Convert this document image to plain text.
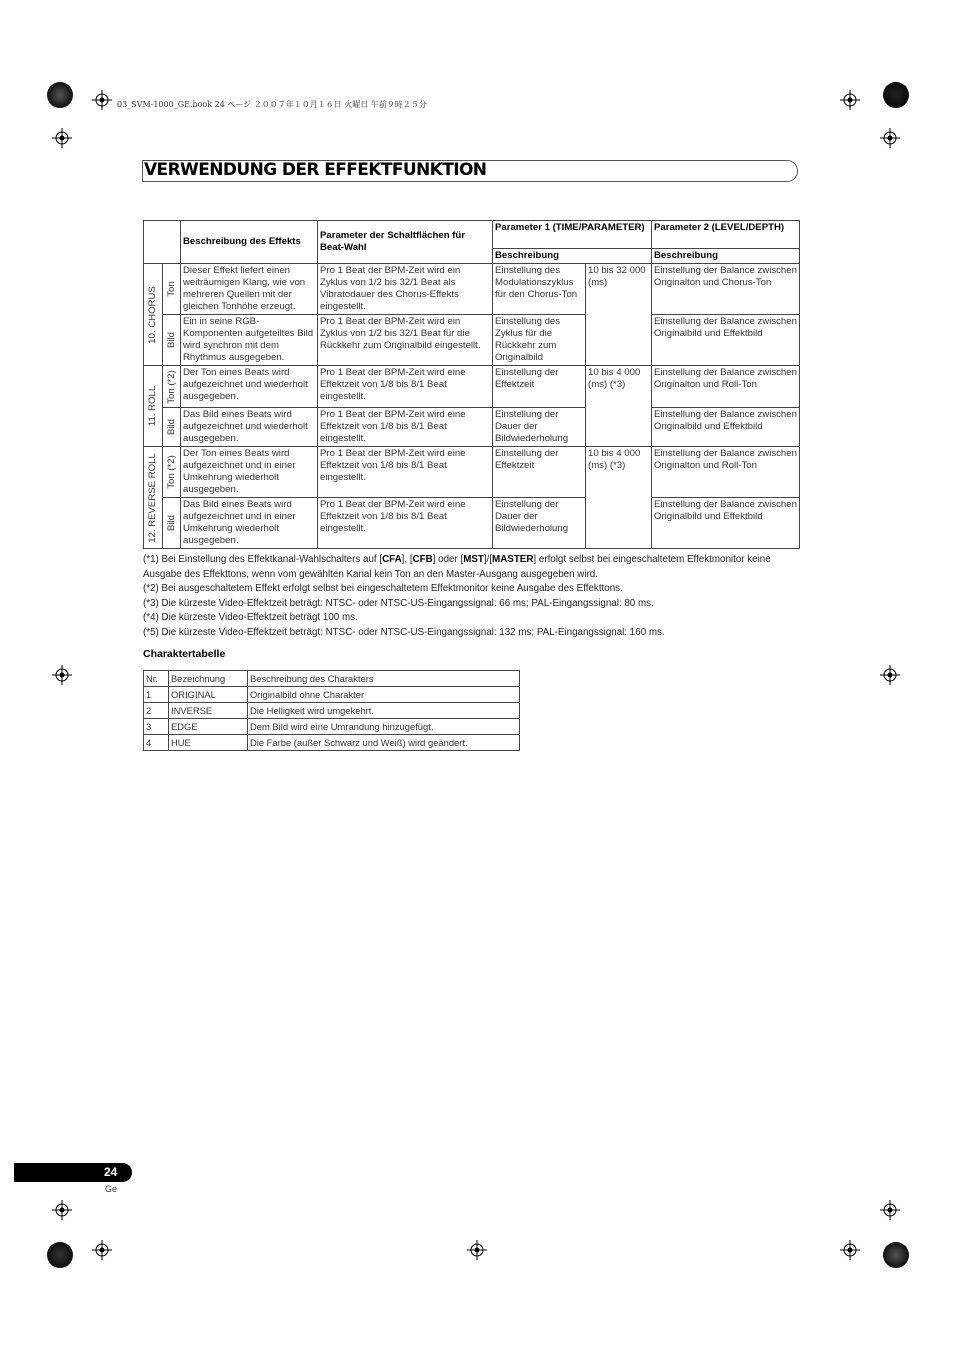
03_SVM-1000_GE.book 24 ページ ２００７年１０月１６日 火曜日 午前９時２５分
VERWENDUNG DER EFFEKTFUNKTION
		Beschreibung des Effekts	Parameter der Schaltflächen für Beat-Wahl	Parameter 1 (TIME/PARAMETER)		Parameter 2 (LEVEL/DEPTH)
				Beschreibung		Beschreibung

10. CHORUS	Ton	Dieser Effekt liefert einen weiträumigen Klang, wie von mehreren Quellen mit der gleichen Tonhöhe erzeugt.	Pro 1 Beat der BPM-Zeit wird ein Zyklus von 1/2 bis 32/1 Beat als Vibratodauer des Chorus-Effekts eingestellt.	Einstellung des Modulationszyklus für den Chorus-Ton	10 bis 32 000 (ms)	Einstellung der Balance zwischen Originalton und Chorus-Ton

	Bild	Ein in seine RGB-Komponenten aufgeteiltes Bild wird synchron mit dem Rhythmus ausgegeben.	Pro 1 Beat der BPM-Zeit wird ein Zyklus von 1/2 bis 32/1 Beat für die Rückkehr zum Originalbild eingestellt.	Einstellung des Zyklus für die Rückkehr zum Originalbild		Einstellung der Balance zwischen Originalbild und Effektbild

11. ROLL	Ton (*2)	Der Ton eines Beats wird aufgezeichnet und wiederholt ausgegeben.	Pro 1 Beat der BPM-Zeit wird eine Effektzeit von 1/8 bis 8/1 Beat eingestellt.	Einstellung der Effektzeit	10 bis 4 000 (ms) (*3)	Einstellung der Balance zwischen Originalton und Roll-Ton

	Bild	Das Bild eines Beats wird aufgezeichnet und wiederholt ausgegeben.	Pro 1 Beat der BPM-Zeit wird eine Effektzeit von 1/8 bis 8/1 Beat eingestellt.	Einstellung der Dauer der Bildwiederholung		Einstellung der Balance zwischen Originalbild und Effektbild

12. REVERSE ROLL	Ton (*2)	Der Ton eines Beats wird aufgezeichnet und in einer Umkehrung wiederholt ausgegeben.	Pro 1 Beat der BPM-Zeit wird eine Effektzeit von 1/8 bis 8/1 Beat eingestellt.	Einstellung der Effektzeit	10 bis 4 000 (ms) (*3)	Einstellung der Balance zwischen Originalton und Roll-Ton

	Bild	Das Bild eines Beats wird aufgezeichnet und in einer Umkehrung wiederholt ausgegeben.	Pro 1 Beat der BPM-Zeit wird eine Effektzeit von 1/8 bis 8/1 Beat eingestellt.	Einstellung der Dauer der Bildwiederholung		Einstellung der Balance zwischen Originalbild und Effektbild

(*1) Bei Einstellung des Effektkanal-Wahlschalters auf [CFA], [CFB] oder [MST]/[MASTER] erfolgt selbst bei eingeschaltetem Effektmonitor keine Ausgabe des Effekttons, wenn vom gewählten Kanal kein Ton an den Master-Ausgang ausgegeben wird.

(*2) Bei ausgeschaltetem Effekt erfolgt selbst bei eingeschaltetem Effektmonitor keine Ausgabe des Effekttons.

(*3) Die kürzeste Video-Effektzeit beträgt: NTSC- oder NTSC-US-Eingangssignal: 66 ms; PAL-Eingangssignal: 80 ms.

(*4) Die kürzeste Video-Effektzeit beträgt 100 ms.

(*5) Die kürzeste Video-Effektzeit beträgt: NTSC- oder NTSC-US-Eingangssignal: 132 ms; PAL-Eingangssignal: 160 ms.

Charaktertabelle
Nr.	Bezeichnung	Beschreibung des Charakters
1	ORIGINAL	Originalbild ohne Charakter
2	INVERSE	Die Helligkeit wird umgekehrt.
3	EDGE	Dem Bild wird eine Umrandung hinzugefügt.
4	HUE	Die Farbe (außer Schwarz und Weiß) wird geändert.
24
Ge
